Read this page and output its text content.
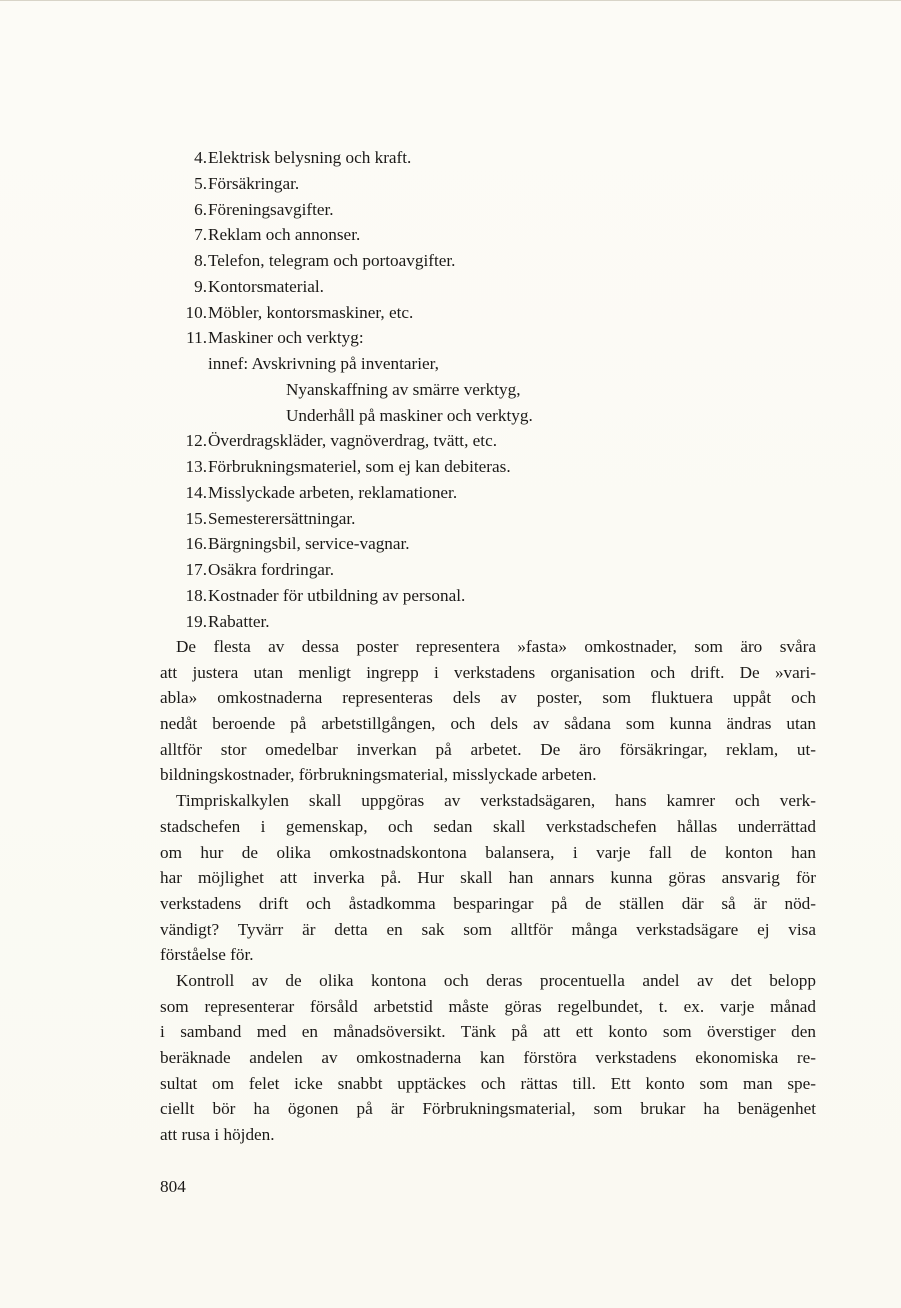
4. Elektrisk belysning och kraft.
5. Försäkringar.
6. Föreningsavgifter.
7. Reklam och annonser.
8. Telefon, telegram och portoavgifter.
9. Kontorsmaterial.
10. Möbler, kontorsmaskiner, etc.
11. Maskiner och verktyg:
innef: Avskrivning på inventarier,
Nyanskaffning av smärre verktyg,
Underhåll på maskiner och verktyg.
12. Överdragskläder, vagnöverdrag, tvätt, etc.
13. Förbrukningsmateriel, som ej kan debiteras.
14. Misslyckade arbeten, reklamationer.
15. Semesterersättningar.
16. Bärgningsbil, service-vagnar.
17. Osäkra fordringar.
18. Kostnader för utbildning av personal.
19. Rabatter.
De flesta av dessa poster representera »fasta» omkostnader, som äro svåra
att justera utan menligt ingrepp i verkstadens organisation och drift. De »vari-
abla» omkostnaderna representeras dels av poster, som fluktuera uppåt och
nedåt beroende på arbetstillgången, och dels av sådana som kunna ändras utan
alltför stor omedelbar inverkan på arbetet. De äro försäkringar, reklam, ut-
bildningskostnader, förbrukningsmaterial, misslyckade arbeten.
Timpriskalkylen skall uppgöras av verkstadsägaren, hans kamrer och verk-
stadschefen i gemenskap, och sedan skall verkstadschefen hållas underrättad
om hur de olika omkostnadskontona balansera, i varje fall de konton han
har möjlighet att inverka på. Hur skall han annars kunna göras ansvarig för
verkstadens drift och åstadkomma besparingar på de ställen där så är nöd-
vändigt? Tyvärr är detta en sak som alltför många verkstadsägare ej visa
förståelse för.
Kontroll av de olika kontona och deras procentuella andel av det belopp
som representerar försåld arbetstid måste göras regelbundet, t. ex. varje månad
i samband med en månadsöversikt. Tänk på att ett konto som överstiger den
beräknade andelen av omkostnaderna kan förstöra verkstadens ekonomiska re-
sultat om felet icke snabbt upptäckes och rättas till. Ett konto som man spe-
ciellt bör ha ögonen på är Förbrukningsmaterial, som brukar ha benägenhet
att rusa i höjden.
804
